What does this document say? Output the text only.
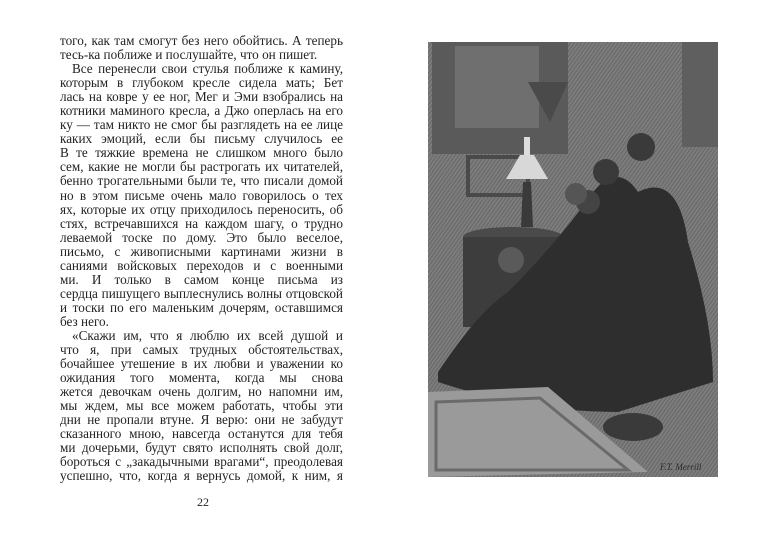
того, как там смогут без него обойтись. А теперь
тесь-ка поближе и послушайте, что он пишет.
Все перенесли свои стулья поближе к камину,
которым в глубоком кресле сидела мать; Бет
лась на ковре у ее ног, Мег и Эми взобрались на
котники маминого кресла, а Джо оперлась на его
ку — там никто не смог бы разглядеть на ее лице
каких эмоций, если бы письму случилось ее
В те тяжкие времена не слишком много было
сем, какие не могли бы растрогать их читателей,
бенно трогательными были те, что писали домой
но в этом письме очень мало говорилось о тех
ях, которые их отцу приходилось переносить, об
стях, встречавшихся на каждом шагу, о трудно
леваемой тоске по дому. Это было веселое,
письмо, с живописными картинами жизни в
саниями войсковых переходов и с военными
ми. И только в самом конце письма из
сердца пишущего выплеснулись волны отцовской
и тоски по его маленьким дочерям, оставшимся
без него.
«Скажи им, что я люблю их всей душой и
что я, при самых трудных обстоятельствах,
бочайшее утешение в их любви и уважении ко
ожидания того момента, когда мы снова
жется девочкам очень долгим, но напомни им,
мы ждем, мы все можем работать, чтобы эти
дни не пропали втуне. Я верю: они не забудут
сказанного мною, навсегда останутся для тебя
ми дочерьми, будут свято исполнять свой долг,
бороться с „закадычными врагами“, преодолевая
успешно, что, когда я вернусь домой, к ним, я
22
F.T. Merrill
